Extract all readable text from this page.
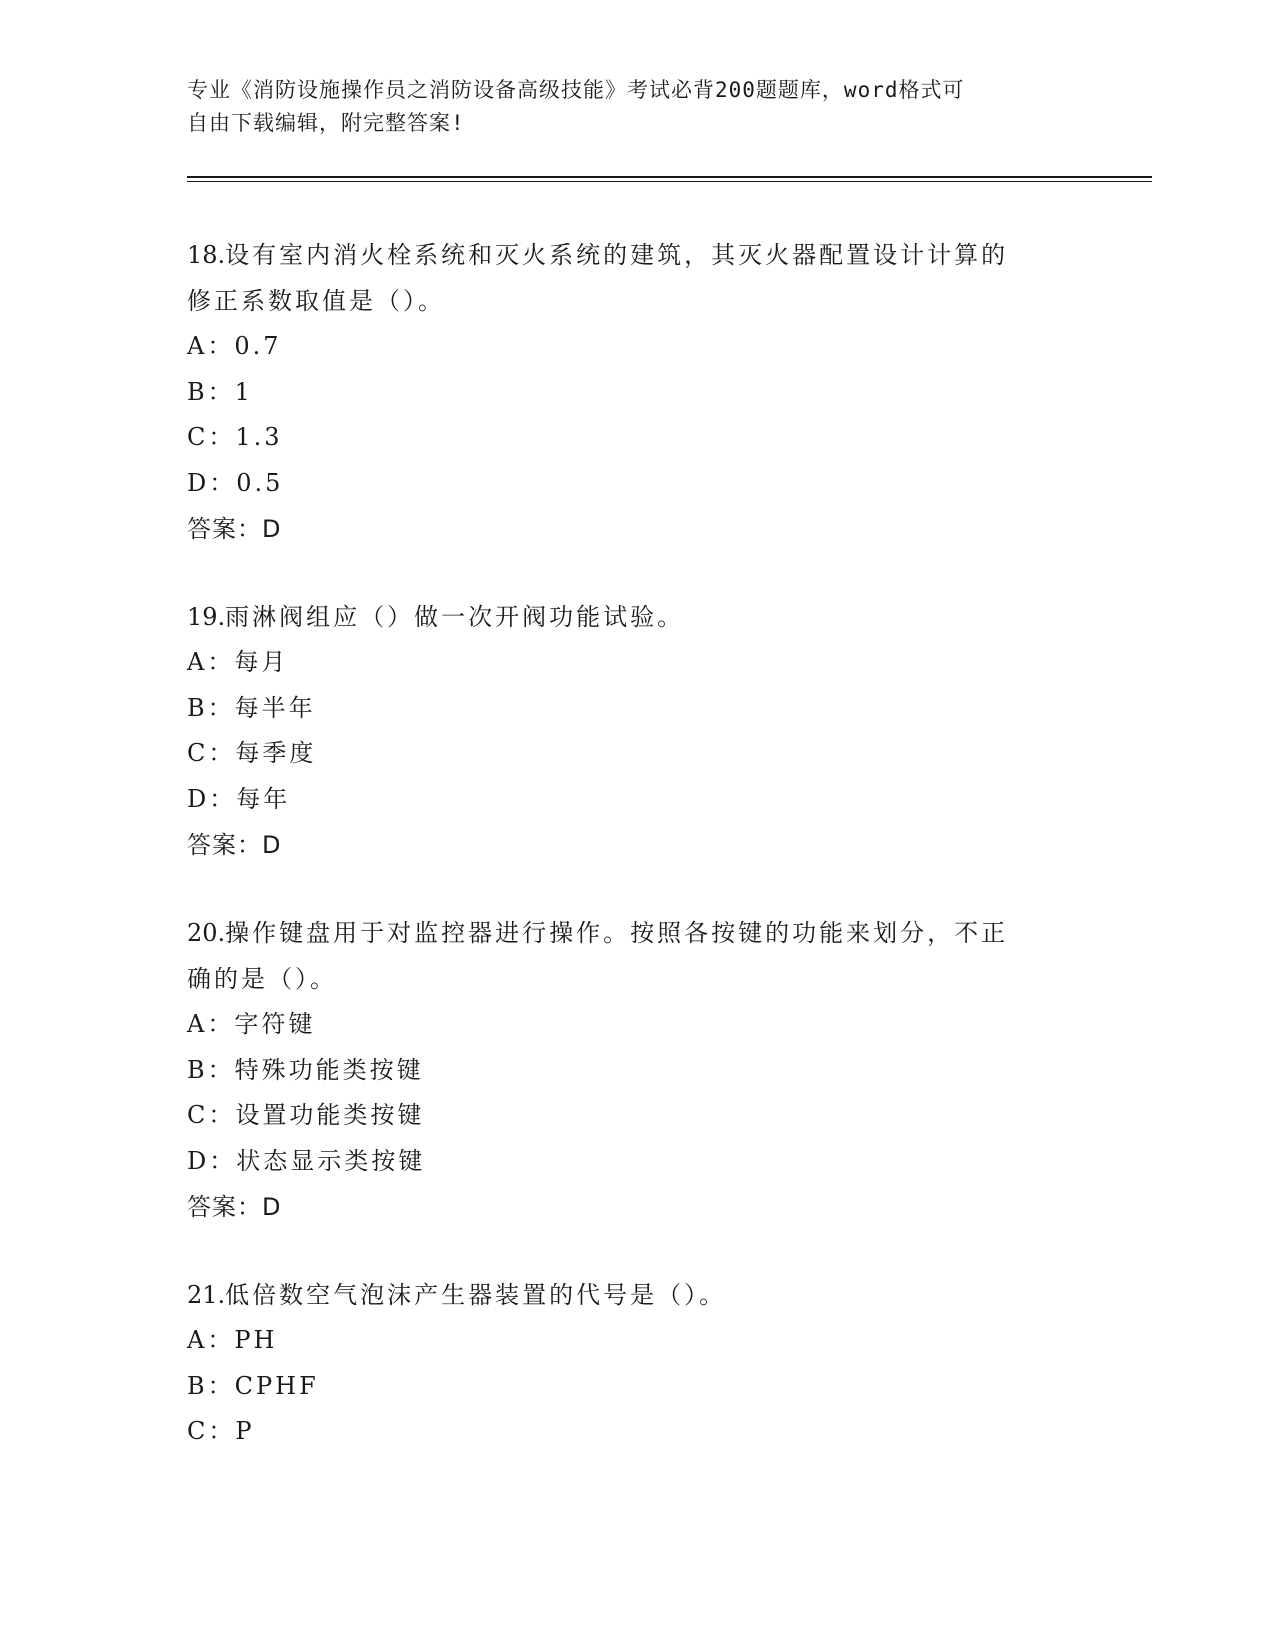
专业《消防设施操作员之消防设备高级技能》考试必背200题题库，word格式可
自由下载编辑，附完整答案!

18.设有室内消火栓系统和灭火系统的建筑，其灭火器配置设计计算的

修正系数取值是（）。

A：0.7

B：1

C：1.3

D：0.5

答案：D

19.雨淋阀组应（）做一次开阀功能试验。

A：每月

B：每半年

C：每季度

D：每年

答案：D

20.操作键盘用于对监控器进行操作。按照各按键的功能来划分，不正

确的是（）。

A：字符键

B：特殊功能类按键

C：设置功能类按键

D：状态显示类按键

答案：D

21.低倍数空气泡沫产生器装置的代号是（）。

A：PH

B：CPHF

C：P
